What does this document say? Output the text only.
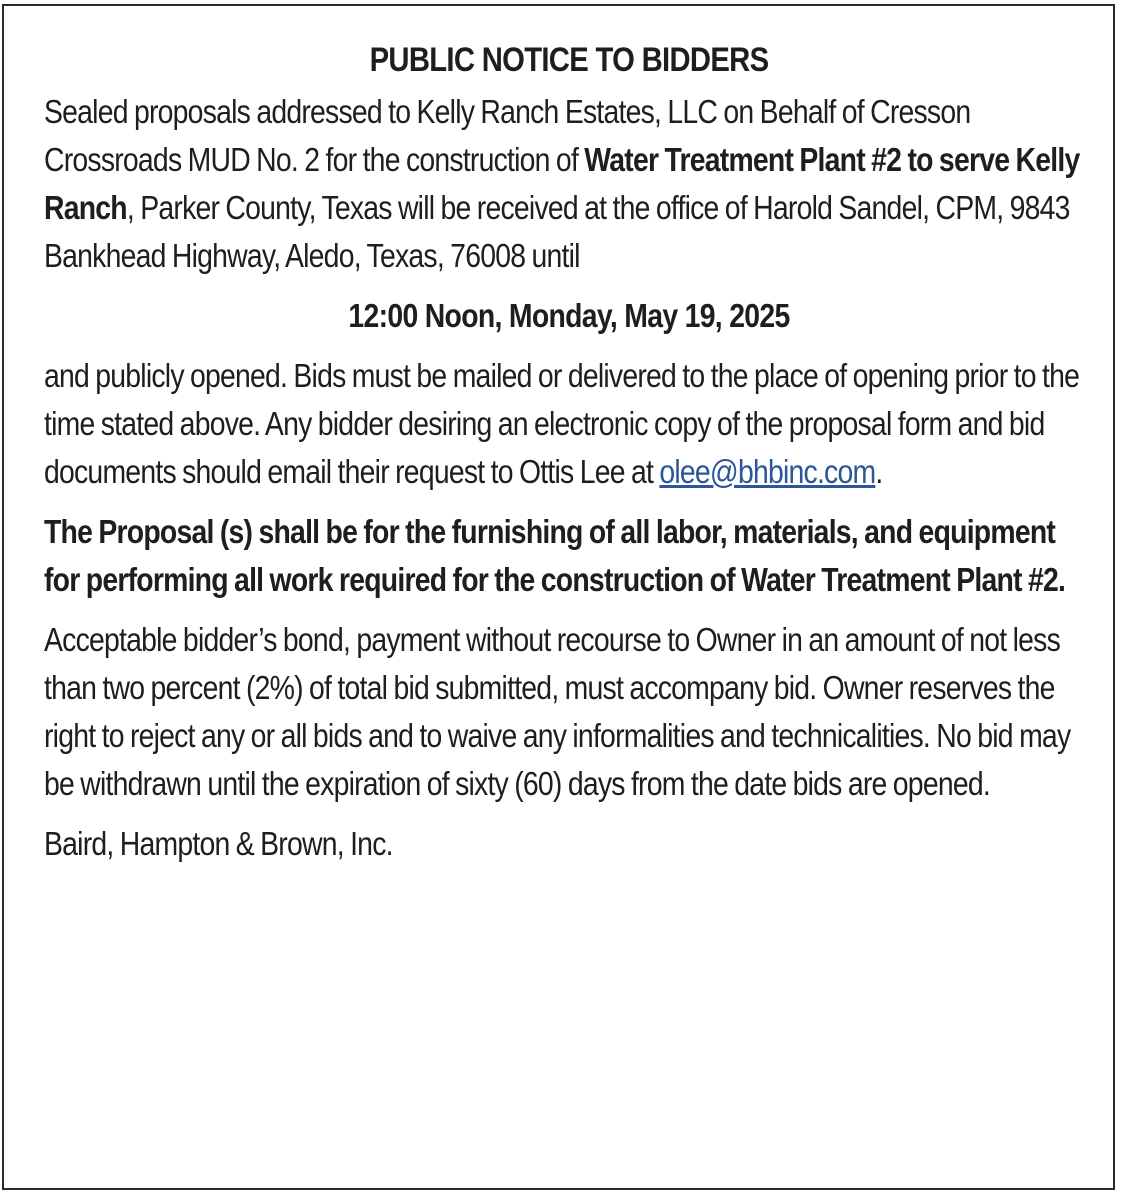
PUBLIC NOTICE TO BIDDERS
Sealed proposals addressed to Kelly Ranch Estates, LLC on Behalf of Cresson Crossroads MUD No. 2 for the construction of Water Treatment Plant #2 to serve Kelly Ranch, Parker County, Texas will be received at the office of Harold Sandel, CPM, 9843 Bankhead Highway, Aledo, Texas, 76008 until
12:00 Noon, Monday, May 19, 2025
and publicly opened. Bids must be mailed or delivered to the place of opening prior to the time stated above. Any bidder desiring an electronic copy of the proposal form and bid documents should email their request to Ottis Lee at olee@bhbinc.com.
The Proposal (s) shall be for the furnishing of all labor, materials, and equipment for performing all work required for the construction of Water Treatment Plant #2.
Acceptable bidder’s bond, payment without recourse to Owner in an amount of not less than two percent (2%) of total bid submitted, must accompany bid. Owner reserves the right to reject any or all bids and to waive any informalities and technicalities. No bid may be withdrawn until the expiration of sixty (60) days from the date bids are opened.
Baird, Hampton & Brown, Inc.
